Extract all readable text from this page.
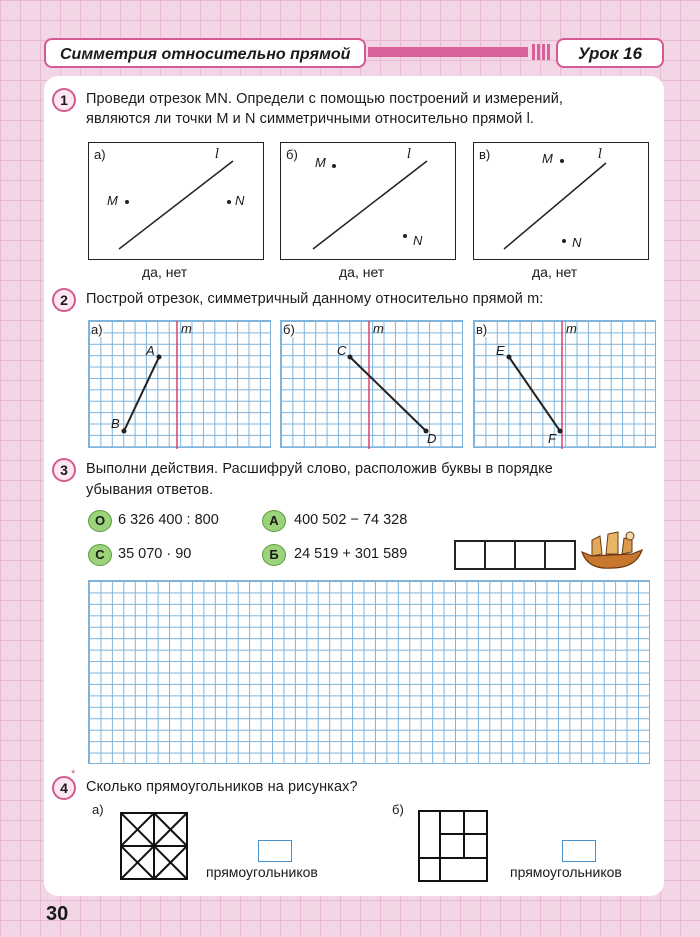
Симметрия относительно прямой	Урок 16
1	Проведи отрезок MN. Определи с помощью построений и измерений,
являются ли точки M и N симметричными относительно прямой l.
а)
M	N
l
да, нет
б)
M
N
l
да, нет
в)	M
N
l
да, нет
2	Построй отрезок, симметричный данному относительно прямой m:
а)	m
A
B
б)	m
C
D
в)	m
E
F
3	Выполни действия. Расшифруй слово, расположив буквы в порядке
убывания ответов.
О 6 326 400 : 800	А	400 502 − 74 328
С 35 070 · 90	Б	24 519 + 301 589
4
*
Сколько прямоугольников на рисунках?
а)
прямоугольников
б)
прямоугольников
30
